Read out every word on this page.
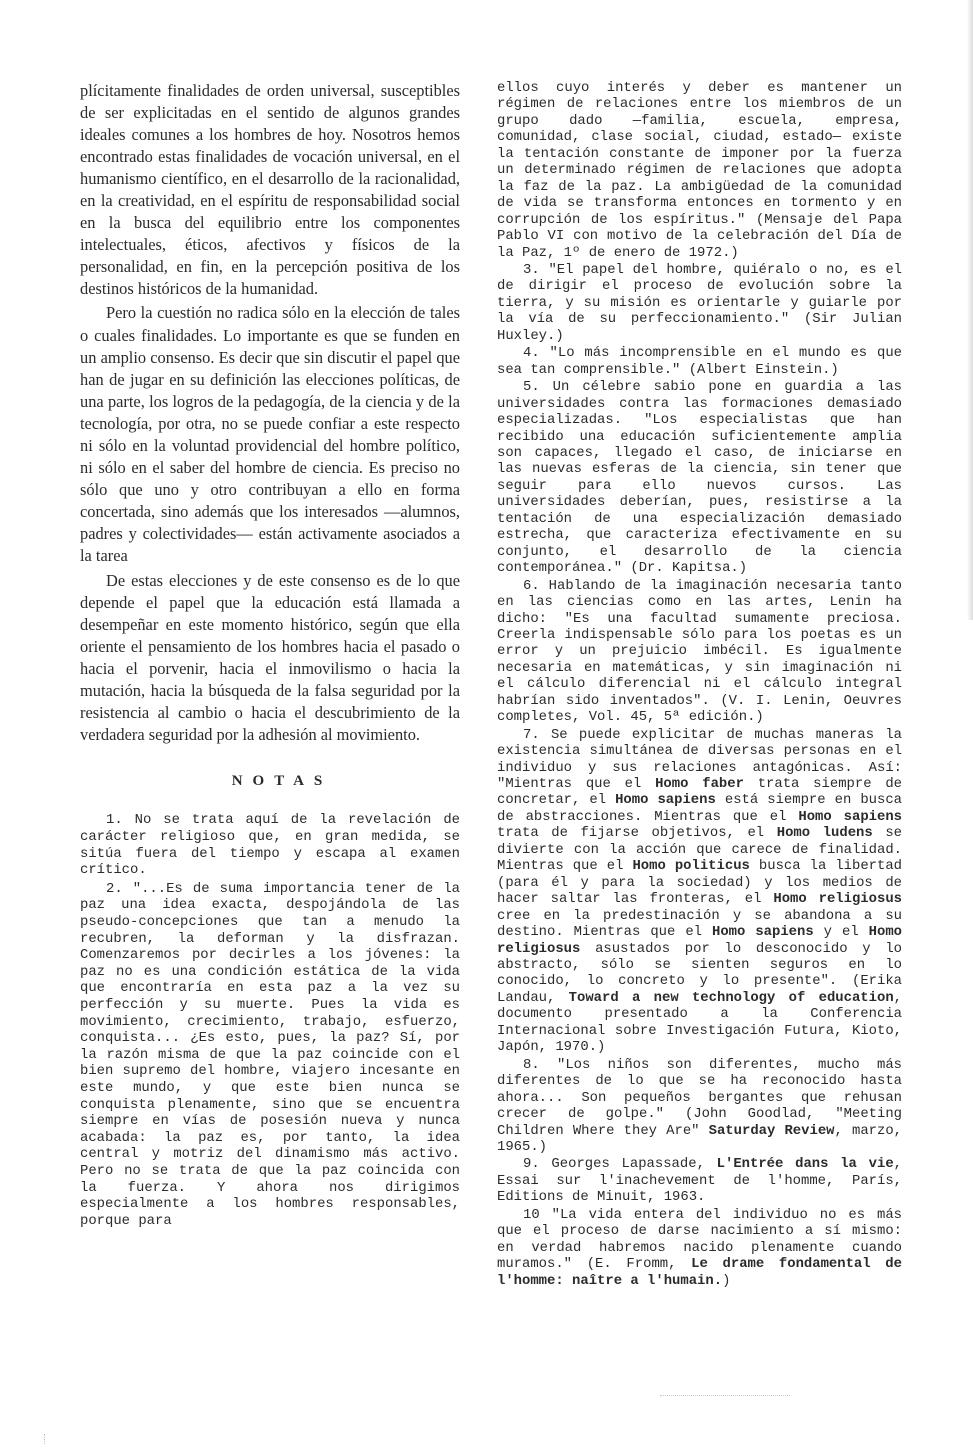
plícitamente finalidades de orden universal, susceptibles de ser explicitadas en el sentido de algunos grandes ideales comunes a los hombres de hoy. Nosotros hemos encontrado estas finalidades de vocación universal, en el humanismo científico, en el desarrollo de la racionalidad, en la creatividad, en el espíritu de responsabilidad social en la busca del equilibrio entre los componentes intelectuales, éticos, afectivos y físicos de la personalidad, en fin, en la percepción positiva de los destinos históricos de la humanidad.

Pero la cuestión no radica sólo en la elección de tales o cuales finalidades. Lo importante es que se funden en un amplio consenso. Es decir que sin discutir el papel que han de jugar en su definición las elecciones políticas, de una parte, los logros de la pedagogía, de la ciencia y de la tecnología, por otra, no se puede confiar a este respecto ni sólo en la voluntad providencial del hombre político, ni sólo en el saber del hombre de ciencia. Es preciso no sólo que uno y otro contribuyan a ello en forma concertada, sino además que los interesados —alumnos, padres y colectividades— están activamente asociados a la tarea

De estas elecciones y de este consenso es de lo que depende el papel que la educación está llamada a desempeñar en este momento histórico, según que ella oriente el pensamiento de los hombres hacia el pasado o hacia el porvenir, hacia el inmovilismo o hacia la mutación, hacia la búsqueda de la falsa seguridad por la resistencia al cambio o hacia el descubrimiento de la verdadera seguridad por la adhesión al movimiento.

NOTAS

1. No se trata aquí de la revelación de carácter religioso que, en gran medida, se sitúa fuera del tiempo y escapa al examen crítico.

2. "...Es de suma importancia tener de la paz una idea exacta, despojándola de las pseudo-concepciones que tan a menudo la recubren, la deforman y la disfrazan. Comenzaremos por decirles a los jóvenes: la paz no es una condición estática de la vida que encontraría en esta paz a la vez su perfección y su muerte. Pues la vida es movimiento, crecimiento, trabajo, esfuerzo, conquista... ¿Es esto, pues, la paz? Sí, por la razón misma de que la paz coincide con el bien supremo del hombre, viajero incesante en este mundo, y que este bien nunca se conquista plenamente, sino que se encuentra siempre en vías de posesión nueva y nunca acabada: la paz es, por tanto, la idea central y motriz del dinamismo más activo. Pero no se trata de que la paz coincida con la fuerza. Y ahora nos dirigimos especialmente a los hombres responsables, porque para

ellos cuyo interés y deber es mantener un régimen de relaciones entre los miembros de un grupo dado —familia, escuela, empresa, comunidad, clase social, ciudad, estado— existe la tentación constante de imponer por la fuerza un determinado régimen de relaciones que adopta la faz de la paz. La ambigüedad de la comunidad de vida se transforma entonces en tormento y en corrupción de los espíritus." (Mensaje del Papa Pablo VI con motivo de la celebración del Día de la Paz, 1º de enero de 1972.)

3. "El papel del hombre, quiéralo o no, es el de dirigir el proceso de evolución sobre la tierra, y su misión es orientarle y guiarle por la vía de su perfeccionamiento." (Sir Julian Huxley.)

4. "Lo más incomprensible en el mundo es que sea tan comprensible." (Albert Einstein.)

5. Un célebre sabio pone en guardia a las universidades contra las formaciones demasiado especializadas. "Los especialistas que han recibido una educación suficientemente amplia son capaces, llegado el caso, de iniciarse en las nuevas esferas de la ciencia, sin tener que seguir para ello nuevos cursos. Las universidades deberían, pues, resistirse a la tentación de una especialización demasiado estrecha, que caracteriza efectivamente en su conjunto, el desarrollo de la ciencia contemporánea." (Dr. Kapitsa.)

6. Hablando de la imaginación necesaria tanto en las ciencias como en las artes, Lenin ha dicho: "Es una facultad sumamente preciosa. Creerla indispensable sólo para los poetas es un error y un prejuicio imbécil. Es igualmente necesaria en matemáticas, y sin imaginación ni el cálculo diferencial ni el cálculo integral habrían sido inventados". (V. I. Lenin, Oeuvres completes, Vol. 45, 5ª edición.)

7. Se puede explicitar de muchas maneras la existencia simultánea de diversas personas en el individuo y sus relaciones antagónicas. Así: "Mientras que el Homo faber trata siempre de concretar, el Homo sapiens está siempre en busca de abstracciones. Mientras que el Homo sapiens trata de fijarse objetivos, el Homo ludens se divierte con la acción que carece de finalidad. Mientras que el Homo politicus busca la libertad (para él y para la sociedad) y los medios de hacer saltar las fronteras, el Homo religiosus cree en la predestinación y se abandona a su destino. Mientras que el Homo sapiens y el Homo religiosus asustados por lo desconocido y lo abstracto, sólo se sienten seguros en lo conocido, lo concreto y lo presente". (Erika Landau, Toward a new technology of education, documento presentado a la Conferencia Internacional sobre Investigación Futura, Kioto, Japón, 1970.)

8. "Los niños son diferentes, mucho más diferentes de lo que se ha reconocido hasta ahora... Son pequeños bergantes que rehusan crecer de golpe." (John Goodlad, "Meeting Children Where they Are" Saturday Review, marzo, 1965.)

9. Georges Lapassade, L'Entrée dans la vie, Essai sur l'inachevement de l'homme, París, Editions de Minuit, 1963.

10 "La vida entera del individuo no es más que el proceso de darse nacimiento a sí mismo: en verdad habremos nacido plenamente cuando muramos." (E. Fromm, Le drame fondamental de l'homme: naître a l'humain.)
